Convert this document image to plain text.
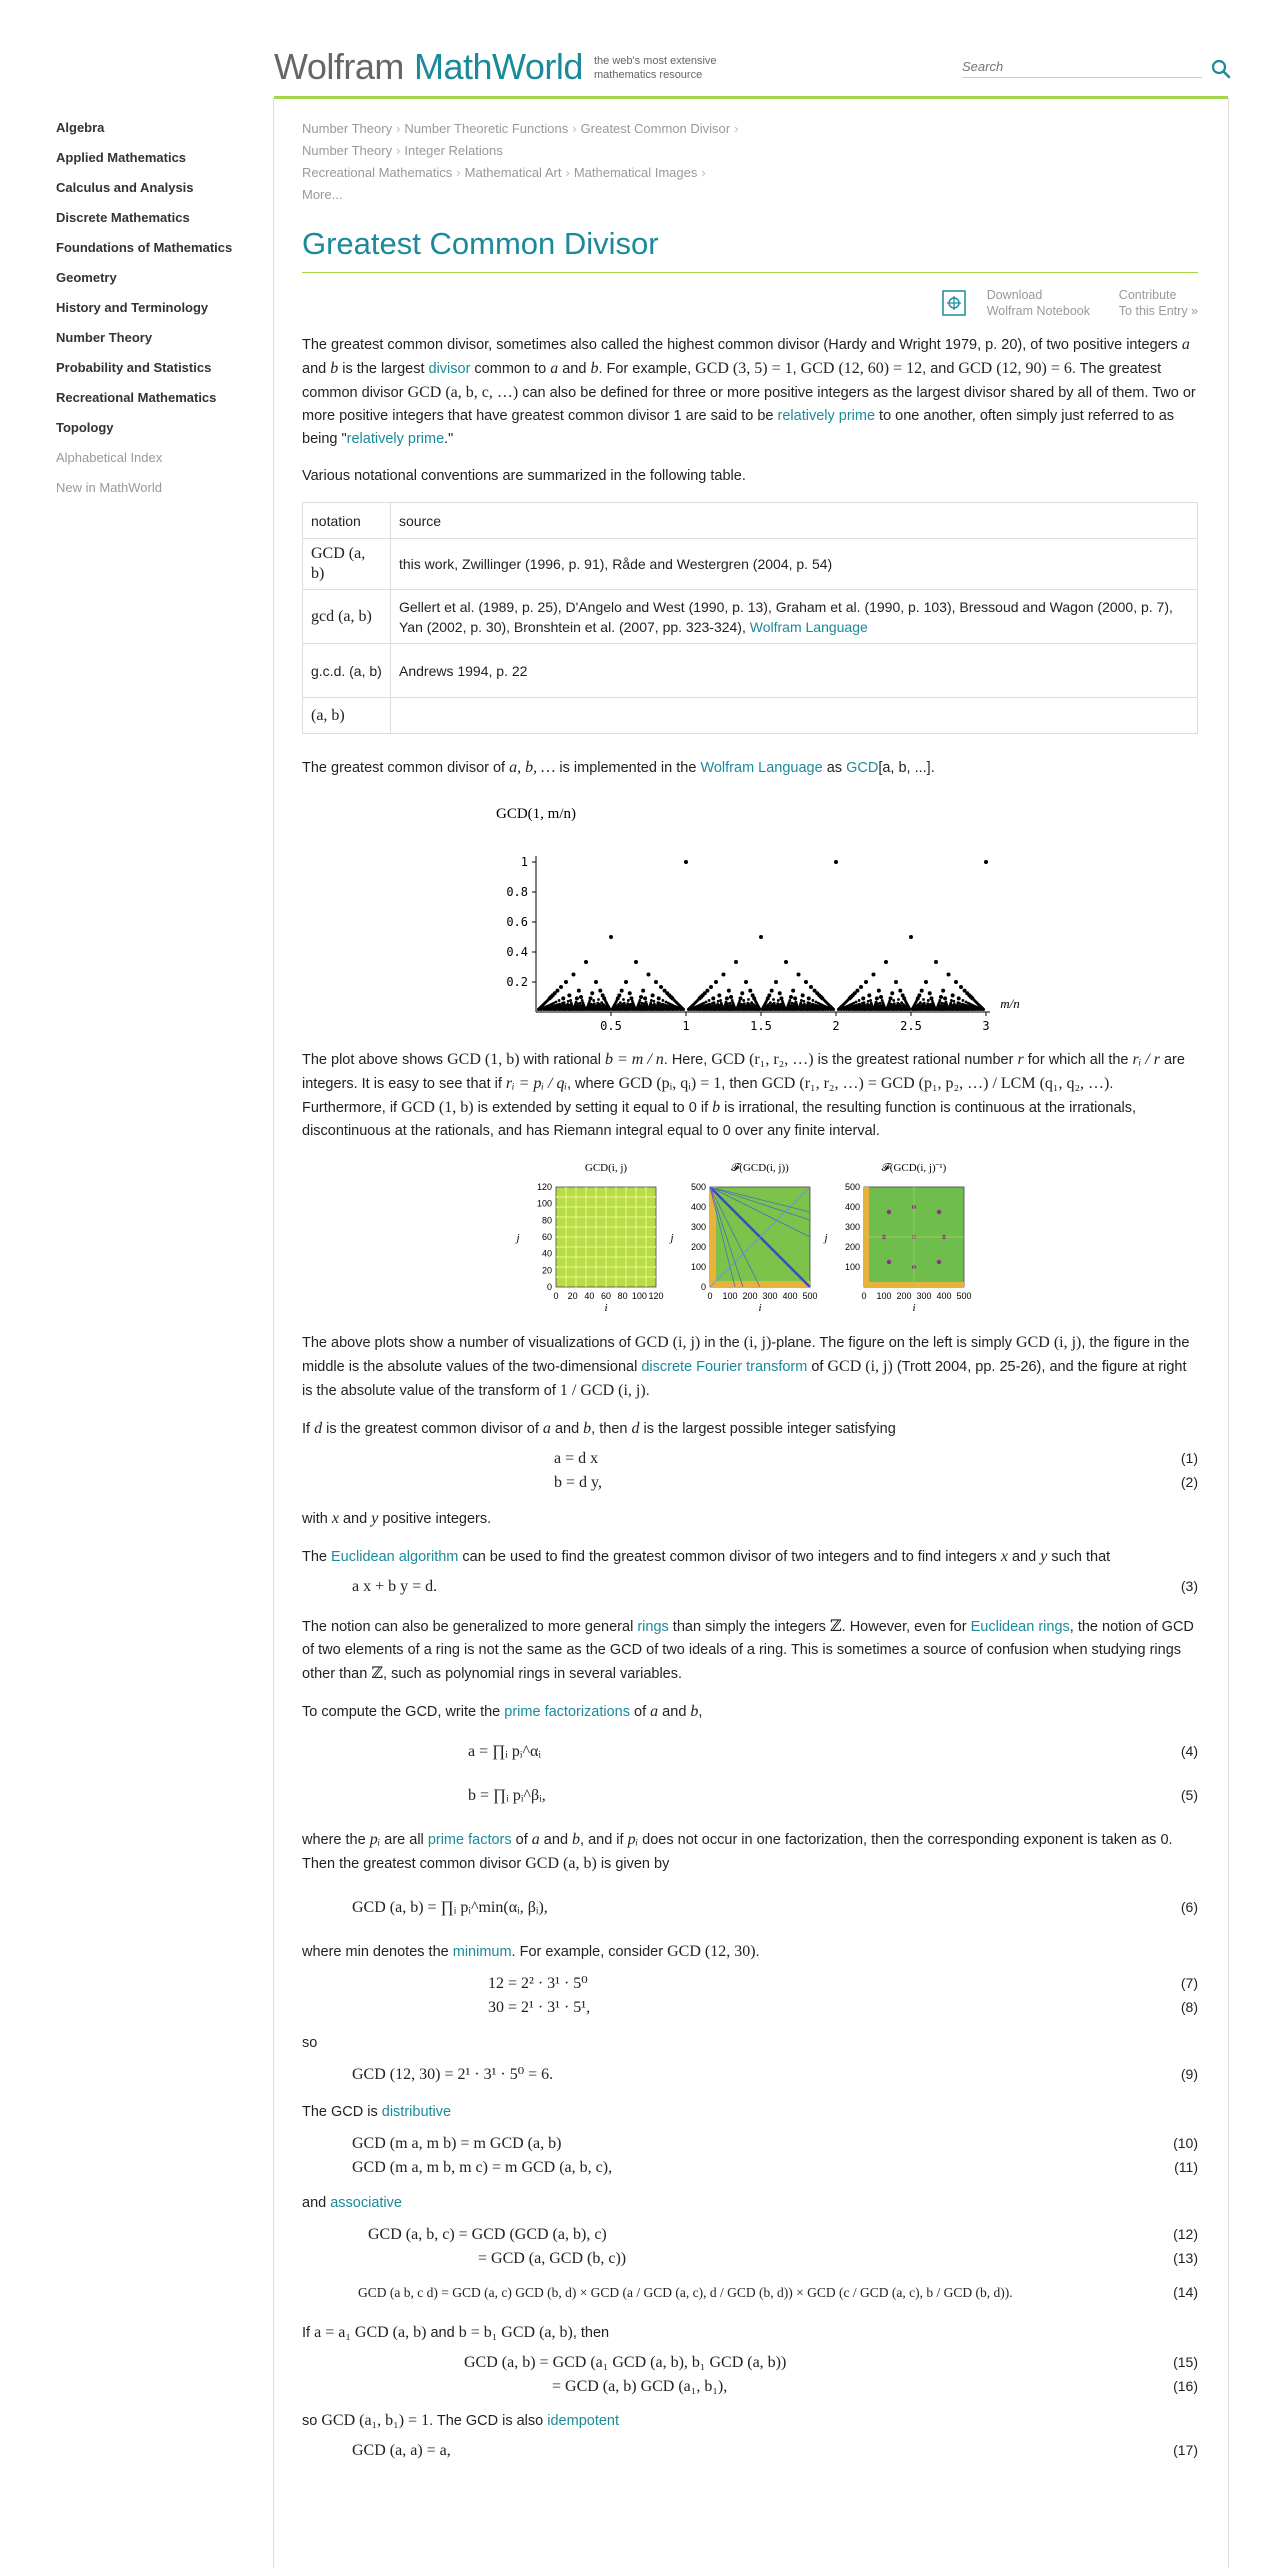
Wolfram MathWorld the web's most extensive
mathematics resource
Search
Algebra
Applied Mathematics
Calculus and Analysis
Discrete Mathematics
Foundations of Mathematics
Geometry
History and Terminology
Number Theory
Probability and Statistics
Recreational Mathematics
Topology
Alphabetical Index
New in MathWorld
Number Theory › Number Theoretic Functions › Greatest Common Divisor ›
Number Theory › Integer Relations
Recreational Mathematics › Mathematical Art › Mathematical Images ›
More...
Greatest Common Divisor
Download
Wolfram Notebook
Contribute
To this Entry »

The greatest common divisor, sometimes also called the highest common divisor (Hardy and Wright 1979, p. 20), of two positive integers a and b is the largest divisor common to a and b. For example, GCD (3, 5) = 1, GCD (12, 60) = 12, and GCD (12, 90) = 6. The greatest common divisor GCD (a, b, c, …) can also be defined for three or more positive integers as the largest divisor shared by all of them. Two or more positive integers that have greatest common divisor 1 are said to be relatively prime to one another, often simply just referred to as being "relatively prime."

Various notational conventions are summarized in the following table.

notation	source
GCD (a, b)	this work, Zwillinger (1996, p. 91), Råde and Westergren (2004, p. 54)
gcd (a, b)	Gellert et al. (1989, p. 25), D'Angelo and West (1990, p. 13), Graham et al. (1990, p. 103), Bressoud and Wagon (2000, p. 7), Yan (2002, p. 30), Bronshtein et al. (2007, pp. 323-324), Wolfram Language
g.c.d. (a, b)	Andrews 1994, p. 22
(a, b)	

The greatest common divisor of a, b, … is implemented in the Wolfram Language as GCD[a, b, ...].

GCD(1, m/n)
0.5	1	1.5	2	2.5	3
0.2
0.4
0.6
0.8
1
m/n

The plot above shows GCD (1, b) with rational b = m / n. Here, GCD (r₁, r₂, …) is the greatest rational number r for which all the rᵢ / r are integers. It is easy to see that if rᵢ = pᵢ / qᵢ, where GCD (pᵢ, qᵢ) = 1, then GCD (r₁, r₂, …) = GCD (p₁, p₂, …) / LCM (q₁, q₂, …). Furthermore, if GCD (1, b) is extended by setting it equal to 0 if b is irrational, the resulting function is continuous at the irrationals, discontinuous at the rationals, and has Riemann integral equal to 0 over any finite interval.

GCD(i, j)
0 20 40 60 80 100 120
0
20
40
60
80
100
120
i
j
𝓕(GCD(i, j))
0 100 200 300 400 500
0
100
200
300
400
500
i
j
𝓕(GCD(i, j)⁻¹)
0 100 200 300 400 500
100
200
300
400
500
i
j

The above plots show a number of visualizations of GCD (i, j) in the (i, j)-plane. The figure on the left is simply GCD (i, j), the figure in the middle is the absolute values of the two-dimensional discrete Fourier transform of GCD (i, j) (Trott 2004, pp. 25-26), and the figure at right is the absolute value of the transform of 1 / GCD (i, j).

If d is the greatest common divisor of a and b, then d is the largest possible integer satisfying

a = d x	(1)
b = d y,	(2)

with x and y positive integers.

The Euclidean algorithm can be used to find the greatest common divisor of two integers and to find integers x and y such that

a x + b y = d.	(3)

The notion can also be generalized to more general rings than simply the integers ℤ. However, even for Euclidean rings, the notion of GCD of two elements of a ring is not the same as the GCD of two ideals of a ring. This is sometimes a source of confusion when studying rings other than ℤ, such as polynomial rings in several variables.

To compute the GCD, write the prime factorizations of a and b,

a = ∏ᵢ pᵢ^αᵢ	(4)
b = ∏ᵢ pᵢ^βᵢ,	(5)

where the pᵢ are all prime factors of a and b, and if pᵢ does not occur in one factorization, then the corresponding exponent is taken as 0. Then the greatest common divisor GCD (a, b) is given by

GCD (a, b) = ∏ᵢ pᵢ^min(αᵢ, βᵢ),	(6)

where min denotes the minimum. For example, consider GCD (12, 30).

12 = 2² · 3¹ · 5⁰	(7)
30 = 2¹ · 3¹ · 5¹,	(8)

so

GCD (12, 30) = 2¹ · 3¹ · 5⁰ = 6.	(9)

The GCD is distributive

GCD (m a, m b) = m GCD (a, b)	(10)
GCD (m a, m b, m c) = m GCD (a, b, c),	(11)

and associative

GCD (a, b, c) = GCD (GCD (a, b), c)	(12)
= GCD (a, GCD (b, c))	(13)
GCD (a b, c d) = GCD (a, c) GCD (b, d) × GCD (a / GCD (a, c), d / GCD (b, d)) × GCD (c / GCD (a, c), b / GCD (b, d)).	(14)

If a = a₁ GCD (a, b) and b = b₁ GCD (a, b), then

GCD (a, b) = GCD (a₁ GCD (a, b), b₁ GCD (a, b))	(15)
= GCD (a, b) GCD (a₁, b₁),	(16)

so GCD (a₁, b₁) = 1. The GCD is also idempotent

GCD (a, a) = a,	(17)
